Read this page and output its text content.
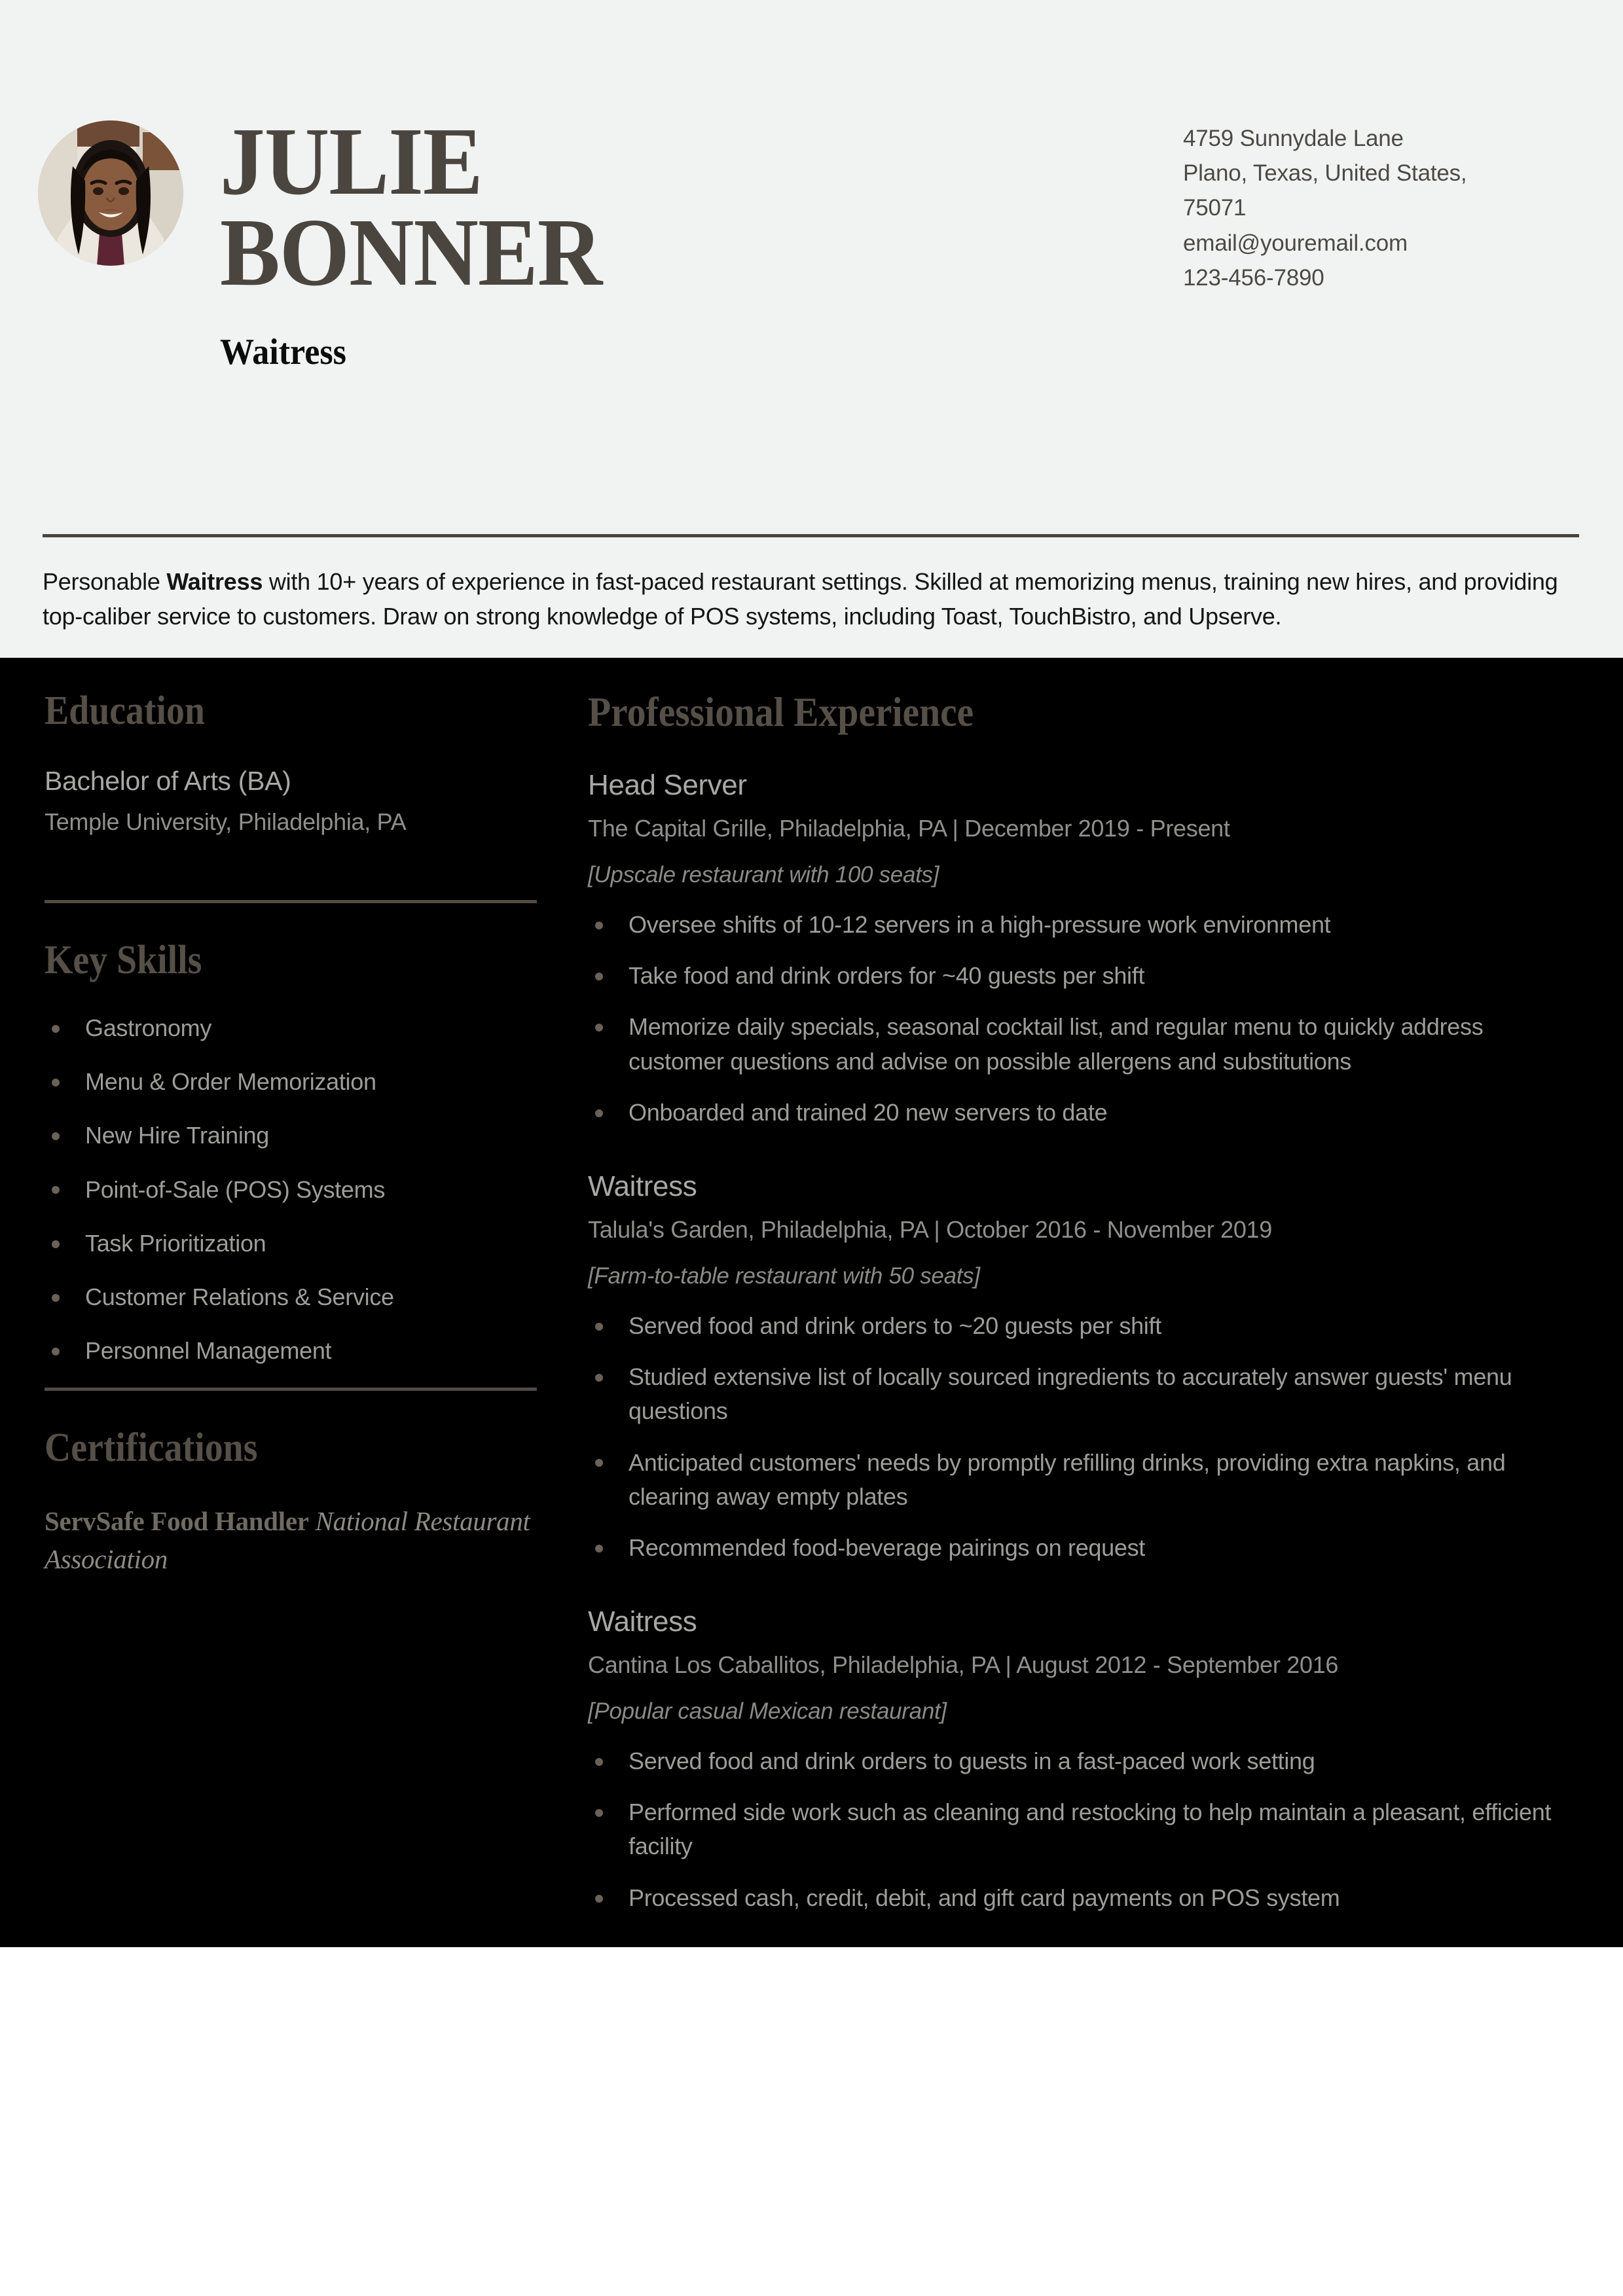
JULIE
BONNER
Waitress
4759 Sunnydale Lane
Plano, Texas, United States,
75071
email@youremail.com
123-456-7890
Personable Waitress with 10+ years of experience in fast-paced restaurant settings. Skilled at memorizing menus, training new hires, and providing top-caliber service to customers. Draw on strong knowledge of POS systems, including Toast, TouchBistro, and Upserve.
Education
Bachelor of Arts (BA)
Temple University, Philadelphia, PA
Key Skills
Gastronomy
Menu & Order Memorization
New Hire Training
Point-of-Sale (POS) Systems
Task Prioritization
Customer Relations & Service
Personnel Management
Certifications
ServSafe Food Handler National Restaurant Association
Professional Experience
Head Server
The Capital Grille, Philadelphia, PA | December 2019 - Present
[Upscale restaurant with 100 seats]
Oversee shifts of 10-12 servers in a high-pressure work environment
Take food and drink orders for ~40 guests per shift
Memorize daily specials, seasonal cocktail list, and regular menu to quickly address customer questions and advise on possible allergens and substitutions
Onboarded and trained 20 new servers to date
Waitress
Talula's Garden, Philadelphia, PA | October 2016 - November 2019
[Farm-to-table restaurant with 50 seats]
Served food and drink orders to ~20 guests per shift
Studied extensive list of locally sourced ingredients to accurately answer guests' menu questions
Anticipated customers' needs by promptly refilling drinks, providing extra napkins, and clearing away empty plates
Recommended food-beverage pairings on request
Waitress
Cantina Los Caballitos, Philadelphia, PA | August 2012 - September 2016
[Popular casual Mexican restaurant]
Served food and drink orders to guests in a fast-paced work setting
Performed side work such as cleaning and restocking to help maintain a pleasant, efficient facility
Processed cash, credit, debit, and gift card payments on POS system
